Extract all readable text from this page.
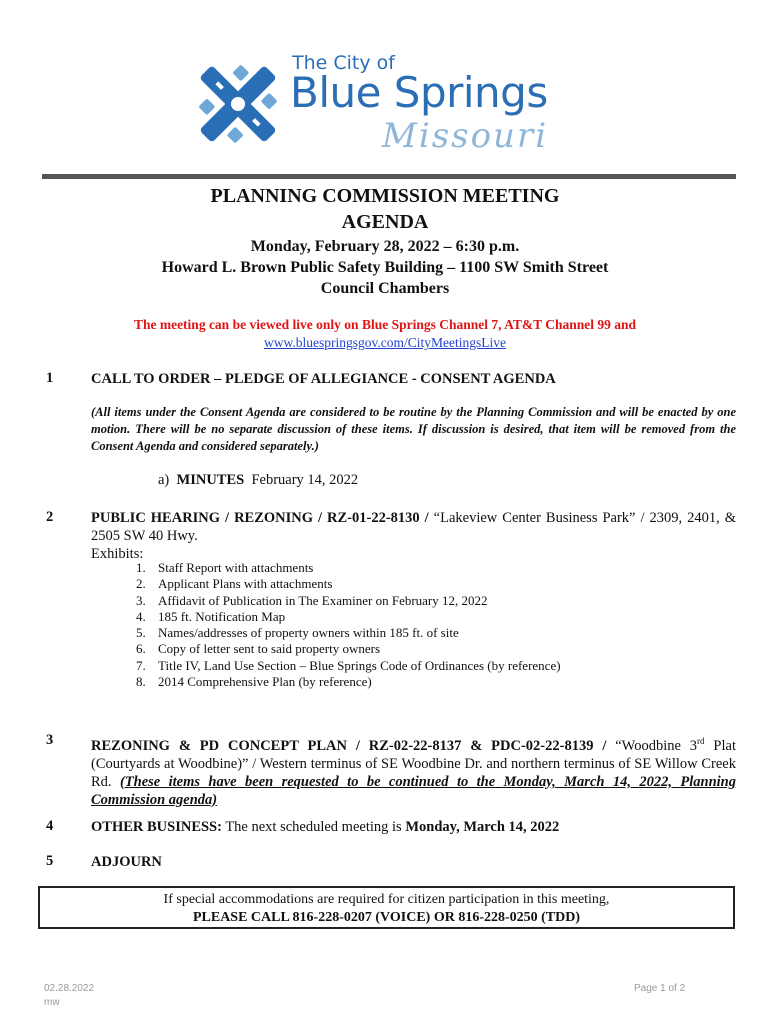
The City of
Blue Springs
Missouri
PLANNING COMMISSION MEETING
AGENDA
Monday, February 28, 2022 – 6:30 p.m.
Howard L. Brown Public Safety Building – 1100 SW Smith Street
Council Chambers
The meeting can be viewed live only on Blue Springs Channel 7, AT&T Channel 99 and
www.bluespringsgov.com/CityMeetingsLive
1	CALL TO ORDER – PLEDGE OF ALLEGIANCE - CONSENT AGENDA
(All items under the Consent Agenda are considered to be routine by the Planning Commission and will be enacted by one motion. There will be no separate discussion of these items. If discussion is desired, that item will be removed from the Consent Agenda and considered separately.)
a) MINUTES February 14, 2022
2	PUBLIC HEARING / REZONING / RZ-01-22-8130 / “Lakeview Center Business Park” / 2309, 2401, & 2505 SW 40 Hwy.
Exhibits:
1. Staff Report with attachments
2. Applicant Plans with attachments
3. Affidavit of Publication in The Examiner on February 12, 2022
4. 185 ft. Notification Map
5. Names/addresses of property owners within 185 ft. of site
6. Copy of letter sent to said property owners
7. Title IV, Land Use Section – Blue Springs Code of Ordinances (by reference)
8. 2014 Comprehensive Plan (by reference)
3	REZONING & PD CONCEPT PLAN / RZ-02-22-8137 & PDC-02-22-8139 / “Woodbine 3rd Plat (Courtyards at Woodbine)” / Western terminus of SE Woodbine Dr. and northern terminus of SE Willow Creek Rd. (These items have been requested to be continued to the Monday, March 14, 2022, Planning Commission agenda)
4	OTHER BUSINESS: The next scheduled meeting is Monday, March 14, 2022
5	ADJOURN
If special accommodations are required for citizen participation in this meeting,
PLEASE CALL 816-228-0207 (VOICE) OR 816-228-0250 (TDD)
02.28.2022
mw
Page 1 of 2
